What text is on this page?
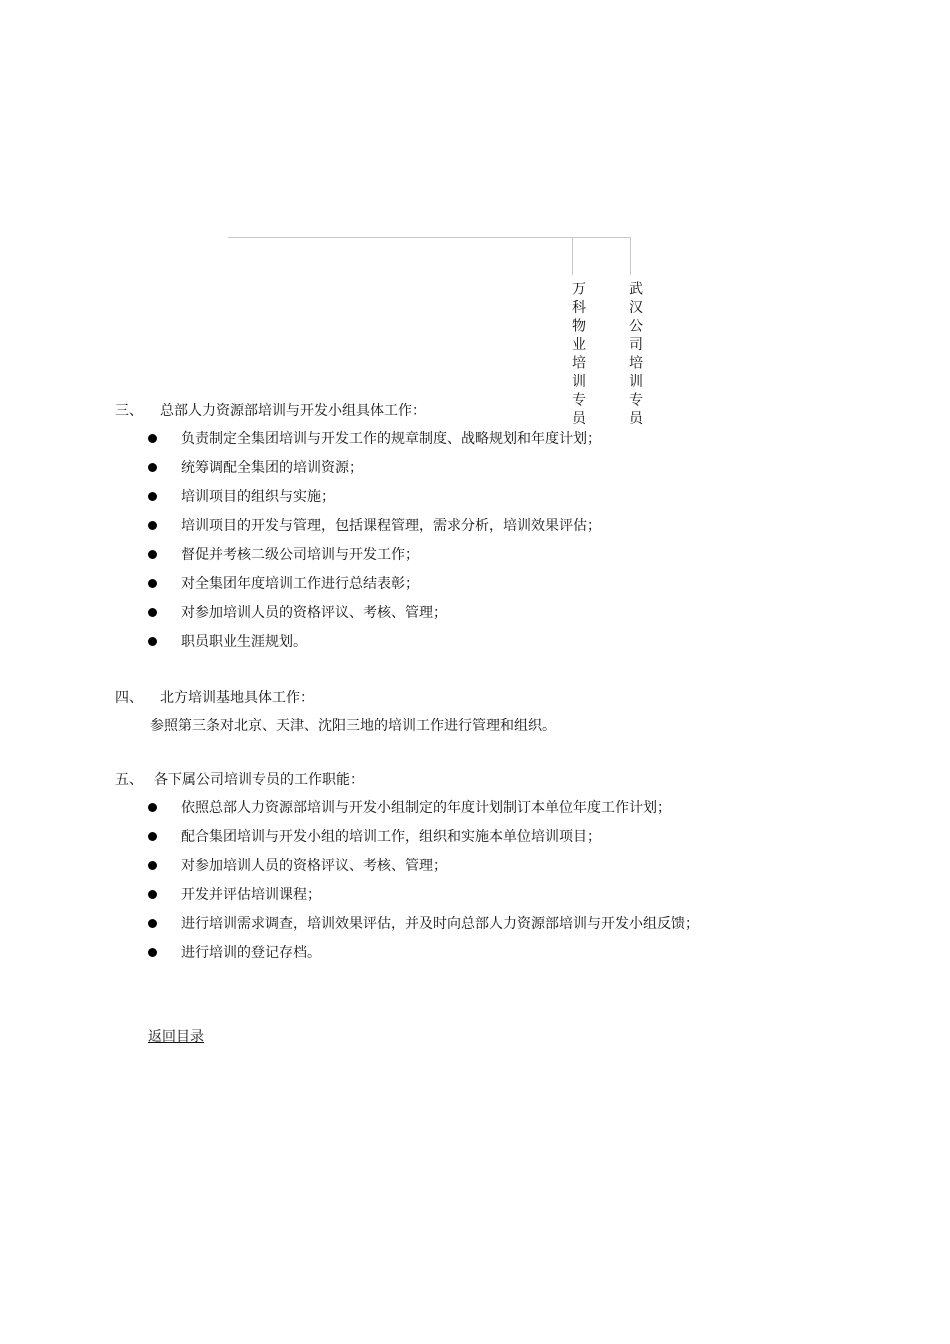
万科物业培训专员	武汉公司培训专员
三、 总部人力资源部培训与开发小组具体工作：
负责制定全集团培训与开发工作的规章制度、战略规划和年度计划；
统筹调配全集团的培训资源；
培训项目的组织与实施；
培训项目的开发与管理，包括课程管理，需求分析，培训效果评估；
督促并考核二级公司培训与开发工作；
对全集团年度培训工作进行总结表彰；
对参加培训人员的资格评议、考核、管理；
职员职业生涯规划。
四、 北方培训基地具体工作：
参照第三条对北京、天津、沈阳三地的培训工作进行管理和组织。
五、 各下属公司培训专员的工作职能：
依照总部人力资源部培训与开发小组制定的年度计划制订本单位年度工作计划；
配合集团培训与开发小组的培训工作，组织和实施本单位培训项目；
对参加培训人员的资格评议、考核、管理；
开发并评估培训课程；
进行培训需求调查，培训效果评估，并及时向总部人力资源部培训与开发小组反馈；
进行培训的登记存档。
返回目录
